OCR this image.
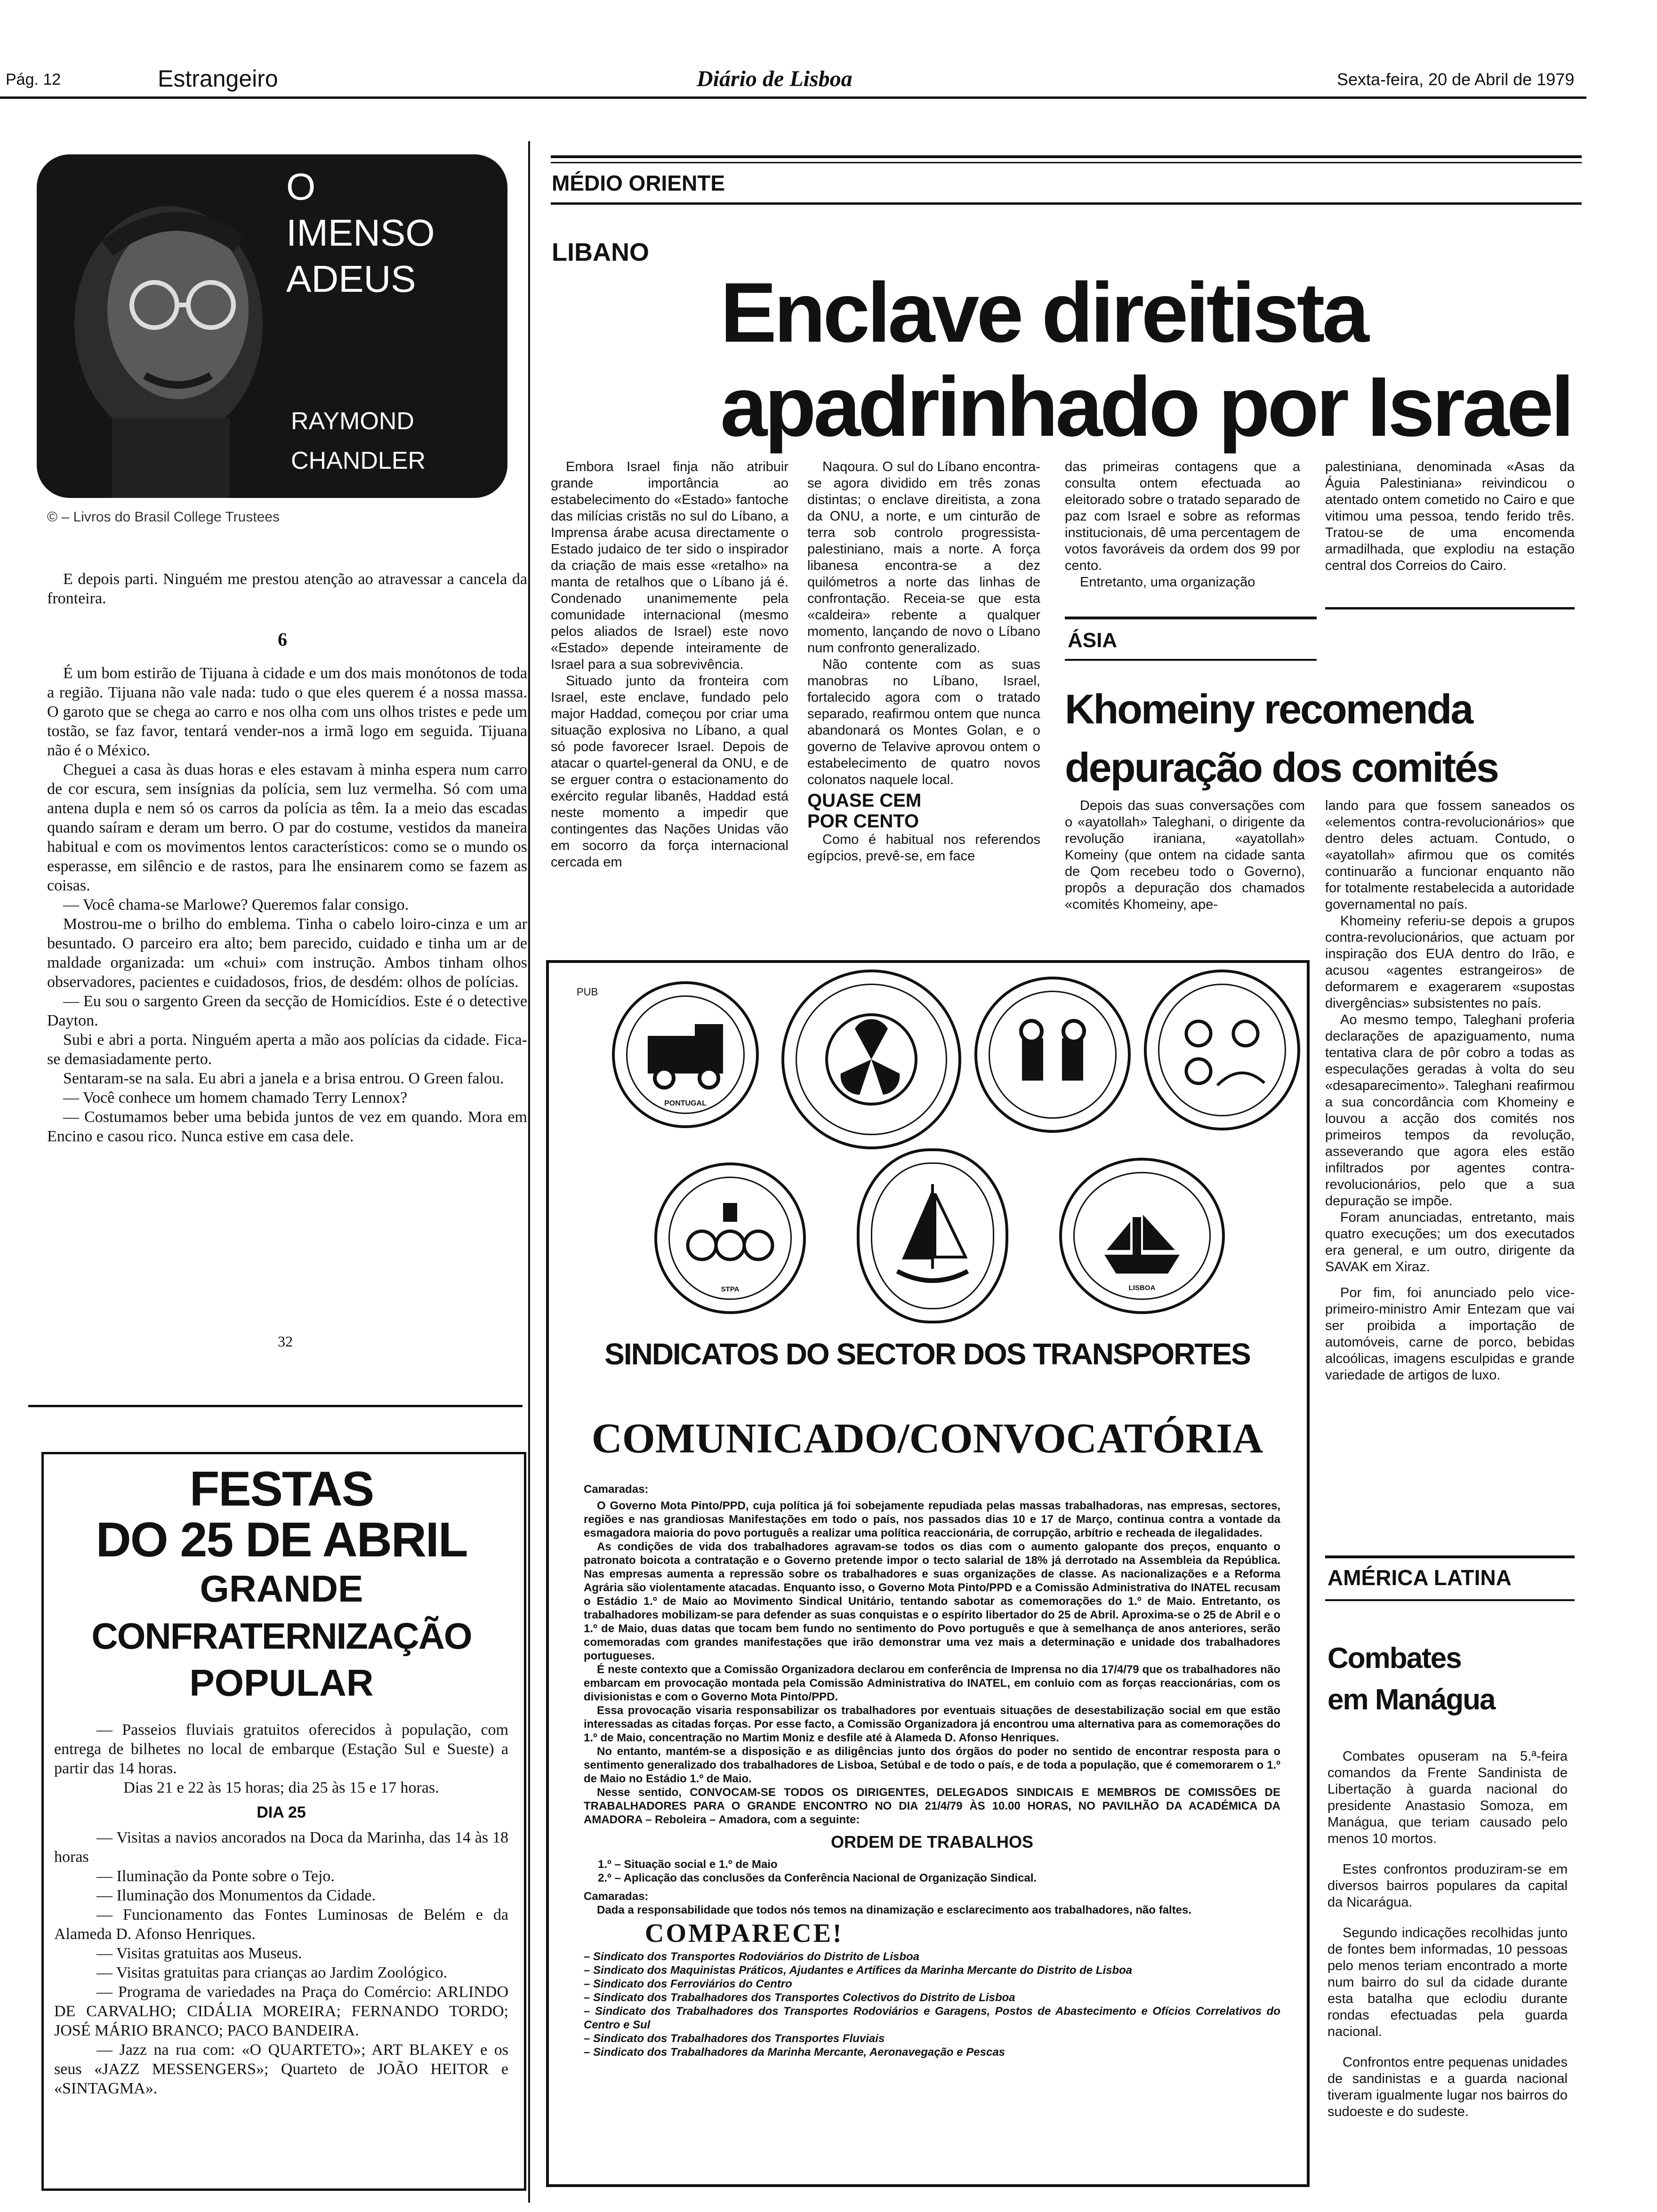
Pág. 12	Estrangeiro	Diário de Lisboa	Sexta-feira, 20 de Abril de 1979
O
IMENSO
ADEUS
RAYMOND
CHANDLER
© – Livros do Brasil College Trustees

E depois parti. Ninguém me prestou atenção ao atravessar a cancela da fronteira.

6

É um bom estirão de Tijuana à cidade e um dos mais monótonos de toda a região. Tijuana não vale nada: tudo o que eles querem é a nossa massa. O garoto que se chega ao carro e nos olha com uns olhos tristes e pede um tostão, se faz favor, tentará vender-nos a irmã logo em seguida. Tijuana não é o México.

Cheguei a casa às duas horas e eles estavam à minha espera num carro de cor escura, sem insígnias da polícia, sem luz vermelha. Só com uma antena dupla e nem só os carros da polícia as têm. Ia a meio das escadas quando saíram e deram um berro. O par do costume, vestidos da maneira habitual e com os movimentos lentos característicos: como se o mundo os esperasse, em silêncio e de rastos, para lhe ensinarem como se fazem as coisas.

— Você chama-se Marlowe? Queremos falar consigo.

Mostrou-me o brilho do emblema. Tinha o cabelo loiro-cinza e um ar besuntado. O parceiro era alto; bem parecido, cuidado e tinha um ar de maldade organizada: um «chui» com instrução. Ambos tinham olhos observadores, pacientes e cuidadosos, frios, de desdém: olhos de polícias.

— Eu sou o sargento Green da secção de Homicídios. Este é o detective Dayton.

Subi e abri a porta. Ninguém aperta a mão aos polícias da cidade. Fica-se demasiadamente perto.

Sentaram-se na sala. Eu abri a janela e a brisa entrou. O Green falou.

— Você conhece um homem chamado Terry Lennox?

— Costumamos beber uma bebida juntos de vez em quando. Mora em Encino e casou rico. Nunca estive em casa dele.

32
FESTAS
DO 25 DE ABRIL
GRANDE
CONFRATERNIZAÇÃO
POPULAR

— Passeios fluviais gratuitos oferecidos à população, com entrega de bilhetes no local de embarque (Estação Sul e Sueste) a partir das 14 horas.

Dias 21 e 22 às 15 horas; dia 25 às 15 e 17 horas.

DIA 25

— Visitas a navios ancorados na Doca da Marinha, das 14 às 18 horas

— Iluminação da Ponte sobre o Tejo.

— Iluminação dos Monumentos da Cidade.

— Funcionamento das Fontes Luminosas de Belém e da Alameda D. Afonso Henriques.

— Visitas gratuitas aos Museus.

— Visitas gratuitas para crianças ao Jardim Zoológico.

— Programa de variedades na Praça do Comércio: ARLINDO DE CARVALHO; CIDÁLIA MOREIRA; FERNANDO TORDO; JOSÉ MÁRIO BRANCO; PACO BANDEIRA.

— Jazz na rua com: «O QUARTETO»; ART BLAKEY e os seus «JAZZ MESSENGERS»; Quarteto de JOÃO HEITOR e «SINTAGMA».

MÉDIO ORIENTE
LIBANO
Enclave direitista
apadrinhado por Israel

Embora Israel finja não atribuir grande importância ao estabelecimento do «Estado» fantoche das milícias cristãs no sul do Líbano, a Imprensa árabe acusa directamente o Estado judaico de ter sido o inspirador da criação de mais esse «retalho» na manta de retalhos que o Líbano já é. Condenado unanimemente pela comunidade internacional (mesmo pelos aliados de Israel) este novo «Estado» depende inteiramente de Israel para a sua sobrevivência.

Situado junto da fronteira com Israel, este enclave, fundado pelo major Haddad, começou por criar uma situação explosiva no Líbano, a qual só pode favorecer Israel. Depois de atacar o quartel-general da ONU, e de se erguer contra o estacionamento do exército regular libanês, Haddad está neste momento a impedir que contingentes das Nações Unidas vão em socorro da força internacional cercada em

Naqoura. O sul do Líbano encontra-se agora dividido em três zonas distintas; o enclave direitista, a zona da ONU, a norte, e um cinturão de terra sob controlo progressista-palestiniano, mais a norte. A força libanesa encontra-se a dez quilómetros a norte das linhas de confrontação. Receia-se que esta «caldeira» rebente a qualquer momento, lançando de novo o Líbano num confronto generalizado.

Não contente com as suas manobras no Líbano, Israel, fortalecido agora com o tratado separado, reafirmou ontem que nunca abandonará os Montes Golan, e o governo de Telavive aprovou ontem o estabelecimento de quatro novos colonatos naquele local.

QUASE CEM
POR CENTO

Como é habitual nos referendos egípcios, prevê-se, em face

das primeiras contagens que a consulta ontem efectuada ao eleitorado sobre o tratado separado de paz com Israel e sobre as reformas institucionais, dê uma percentagem de votos favoráveis da ordem dos 99 por cento.

Entretanto, uma organização

palestiniana, denominada «Asas da Águia Palestiniana» reivindicou o atentado ontem cometido no Cairo e que vitimou uma pessoa, tendo ferido três. Tratou-se de uma encomenda armadilhada, que explodiu na estação central dos Correios do Cairo.

ÁSIA
Khomeiny recomenda
depuração dos comités

Depois das suas conversações com o «ayatollah» Taleghani, o dirigente da revolução iraniana, «ayatollah» Komeiny (que ontem na cidade santa de Qom recebeu todo o Governo), propôs a depuração dos chamados «comités Khomeiny, ape-

lando para que fossem saneados os «elementos contra-revolucionários» que dentro deles actuam. Contudo, o «ayatollah» afirmou que os comités continuarão a funcionar enquanto não for totalmente restabelecida a autoridade governamental no país.

Khomeiny referiu-se depois a grupos contra-revolucionários, que actuam por inspiração dos EUA dentro do Irão, e acusou «agentes estrangeiros» de deformarem e exagerarem «supostas divergências» subsistentes no país.

Ao mesmo tempo, Taleghani proferia declarações de apaziguamento, numa tentativa clara de pôr cobro a todas as especulações geradas à volta do seu «desaparecimento». Taleghani reafirmou a sua concordância com Khomeiny e louvou a acção dos comités nos primeiros tempos da revolução, asseverando que agora eles estão infiltrados por agentes contra-revolucionários, pelo que a sua depuração se impõe.

Foram anunciadas, entretanto, mais quatro execuções; um dos executados era general, e um outro, dirigente da SAVAK em Xiraz.

Por fim, foi anunciado pelo vice-primeiro-ministro Amir Entezam que vai ser proibida a importação de automóveis, carne de porco, bebidas alcoólicas, imagens esculpidas e grande variedade de artigos de luxo.

AMÉRICA LATINA
Combates
em Manágua

Combates opuseram na 5.ª-feira comandos da Frente Sandinista de Libertação à guarda nacional do presidente Anastasio Somoza, em Manágua, que teriam causado pelo menos 10 mortos.

Estes confrontos produziram-se em diversos bairros populares da capital da Nicarágua.

Segundo indicações recolhidas junto de fontes bem informadas, 10 pessoas pelo menos teriam encontrado a morte num bairro do sul da cidade durante esta batalha que eclodiu durante rondas efectuadas pela guarda nacional.

Confrontos entre pequenas unidades de sandinistas e a guarda nacional tiveram igualmente lugar nos bairros do sudoeste e do sudeste.

PUB
PONTUGAL
STPA	LISBOA
SINDICATOS DO SECTOR DOS TRANSPORTES
COMUNICADO/CONVOCATÓRIA

Camaradas:

O Governo Mota Pinto/PPD, cuja política já foi sobejamente repudiada pelas massas trabalhadoras, nas empresas, sectores, regiões e nas grandiosas Manifestações em todo o país, nos passados dias 10 e 17 de Março, continua contra a vontade da esmagadora maioria do povo português a realizar uma política reaccionária, de corrupção, arbítrio e recheada de ilegalidades.

As condições de vida dos trabalhadores agravam-se todos os dias com o aumento galopante dos preços, enquanto o patronato boicota a contratação e o Governo pretende impor o tecto salarial de 18% já derrotado na Assembleia da República. Nas empresas aumenta a repressão sobre os trabalhadores e suas organizações de classe. As nacionalizações e a Reforma Agrária são violentamente atacadas. Enquanto isso, o Governo Mota Pinto/PPD e a Comissão Administrativa do INATEL recusam o Estádio 1.º de Maio ao Movimento Sindical Unitário, tentando sabotar as comemorações do 1.º de Maio. Entretanto, os trabalhadores mobilizam-se para defender as suas conquistas e o espírito libertador do 25 de Abril. Aproxima-se o 25 de Abril e o 1.º de Maio, duas datas que tocam bem fundo no sentimento do Povo português e que à semelhança de anos anteriores, serão comemoradas com grandes manifestações que irão demonstrar uma vez mais a determinação e unidade dos trabalhadores portugueses.

É neste contexto que a Comissão Organizadora declarou em conferência de Imprensa no dia 17/4/79 que os trabalhadores não embarcam em provocação montada pela Comissão Administrativa do INATEL, em conluio com as forças reaccionárias, com os divisionistas e com o Governo Mota Pinto/PPD.

Essa provocação visaria responsabilizar os trabalhadores por eventuais situações de desestabilização social em que estão interessadas as citadas forças. Por esse facto, a Comissão Organizadora já encontrou uma alternativa para as comemorações do 1.º de Maio, concentração no Martim Moniz e desfile até à Alameda D. Afonso Henriques.

No entanto, mantém-se a disposição e as diligências junto dos órgãos do poder no sentido de encontrar resposta para o sentimento generalizado dos trabalhadores de Lisboa, Setúbal e de todo o país, e de toda a população, que é comemorarem o 1.º de Maio no Estádio 1.º de Maio.

Nesse sentido, CONVOCAM-SE TODOS OS DIRIGENTES, DELEGADOS SINDICAIS E MEMBROS DE COMISSÕES DE TRABALHADORES PARA O GRANDE ENCONTRO NO DIA 21/4/79 ÀS 10.00 HORAS, NO PAVILHÃO DA ACADÉMICA DA AMADORA – Reboleira – Amadora, com a seguinte:

ORDEM DE TRABALHOS

1.º – Situação social e 1.º de Maio

2.º – Aplicação das conclusões da Conferência Nacional de Organização Sindical.

Camaradas:

Dada a responsabilidade que todos nós temos na dinamização e esclarecimento aos trabalhadores, não faltes.

COMPARECE!

– Sindicato dos Transportes Rodoviários do Distrito de Lisboa
– Sindicato dos Maquinistas Práticos, Ajudantes e Artífices da Marinha Mercante do Distrito de Lisboa
– Sindicato dos Ferroviários do Centro
– Sindicato dos Trabalhadores dos Transportes Colectivos do Distrito de Lisboa
– Sindicato dos Trabalhadores dos Transportes Rodoviários e Garagens, Postos de Abastecimento e Ofícios Correlativos do Centro e Sul
– Sindicato dos Trabalhadores dos Transportes Fluviais
– Sindicato dos Trabalhadores da Marinha Mercante, Aeronavegação e Pescas
